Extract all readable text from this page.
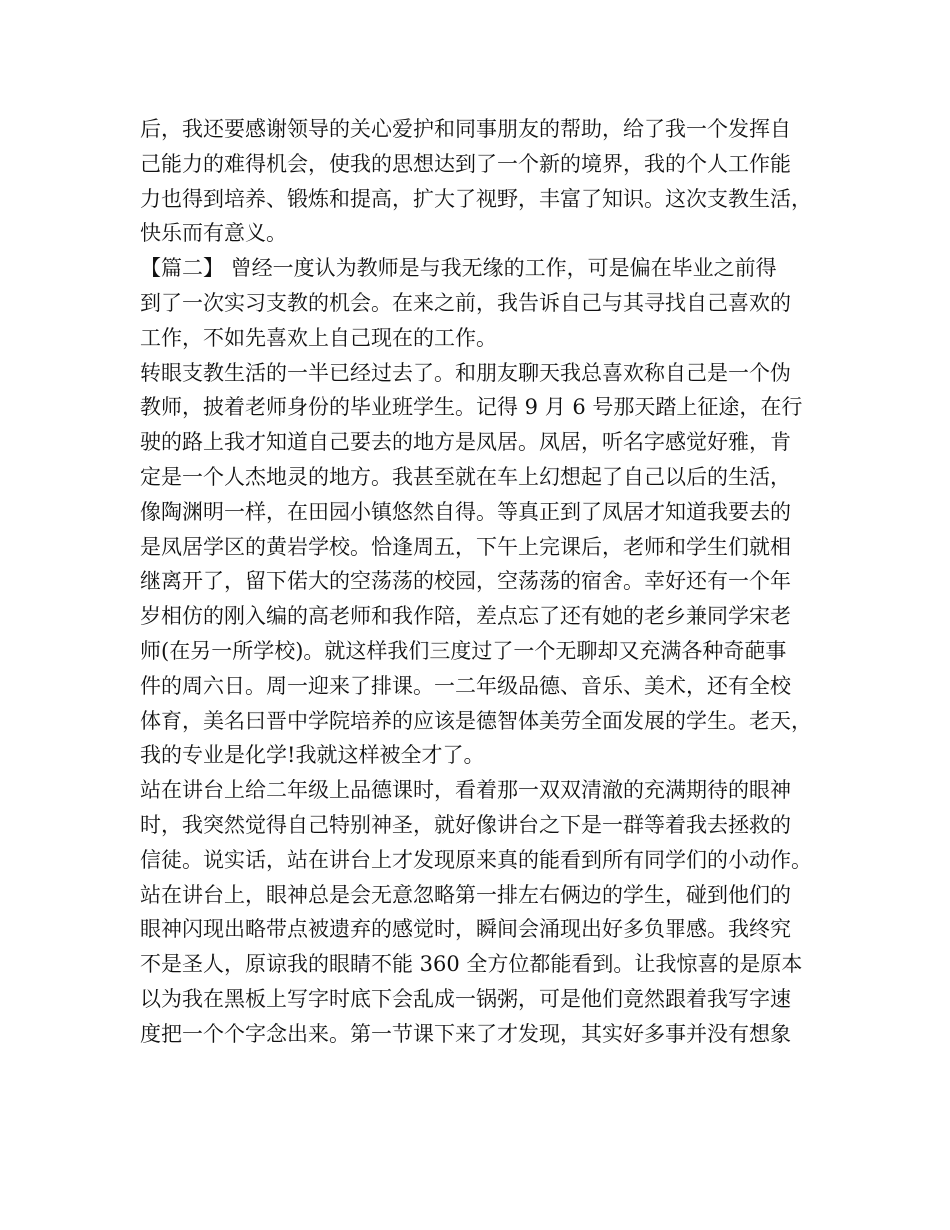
后，我还要感谢领导的关心爱护和同事朋友的帮助，给了我一个发挥自
己能力的难得机会，使我的思想达到了一个新的境界，我的个人工作能
力也得到培养、锻炼和提高，扩大了视野，丰富了知识。这次支教生活，
快乐而有意义。
【篇二】 曾经一度认为教师是与我无缘的工作，可是偏在毕业之前得
到了一次实习支教的机会。在来之前，我告诉自己与其寻找自己喜欢的
工作，不如先喜欢上自己现在的工作。
转眼支教生活的一半已经过去了。和朋友聊天我总喜欢称自己是一个伪
教师，披着老师身份的毕业班学生。记得 9 月 6 号那天踏上征途，在行
驶的路上我才知道自己要去的地方是凤居。凤居，听名字感觉好雅，肯
定是一个人杰地灵的地方。我甚至就在车上幻想起了自己以后的生活，
像陶渊明一样，在田园小镇悠然自得。等真正到了凤居才知道我要去的
是凤居学区的黄岩学校。恰逢周五，下午上完课后，老师和学生们就相
继离开了，留下偌大的空荡荡的校园，空荡荡的宿舍。幸好还有一个年
岁相仿的刚入编的高老师和我作陪，差点忘了还有她的老乡兼同学宋老
师(在另一所学校)。就这样我们三度过了一个无聊却又充满各种奇葩事
件的周六日。周一迎来了排课。一二年级品德、音乐、美术，还有全校
体育，美名曰晋中学院培养的应该是德智体美劳全面发展的学生。老天，
我的专业是化学!我就这样被全才了。
站在讲台上给二年级上品德课时，看着那一双双清澈的充满期待的眼神
时，我突然觉得自己特别神圣，就好像讲台之下是一群等着我去拯救的
信徒。说实话，站在讲台上才发现原来真的能看到所有同学们的小动作。
站在讲台上，眼神总是会无意忽略第一排左右俩边的学生，碰到他们的
眼神闪现出略带点被遗弃的感觉时，瞬间会涌现出好多负罪感。我终究
不是圣人，原谅我的眼睛不能 360 全方位都能看到。让我惊喜的是原本
以为我在黑板上写字时底下会乱成一锅粥，可是他们竟然跟着我写字速
度把一个个字念出来。第一节课下来了才发现，其实好多事并没有想象
